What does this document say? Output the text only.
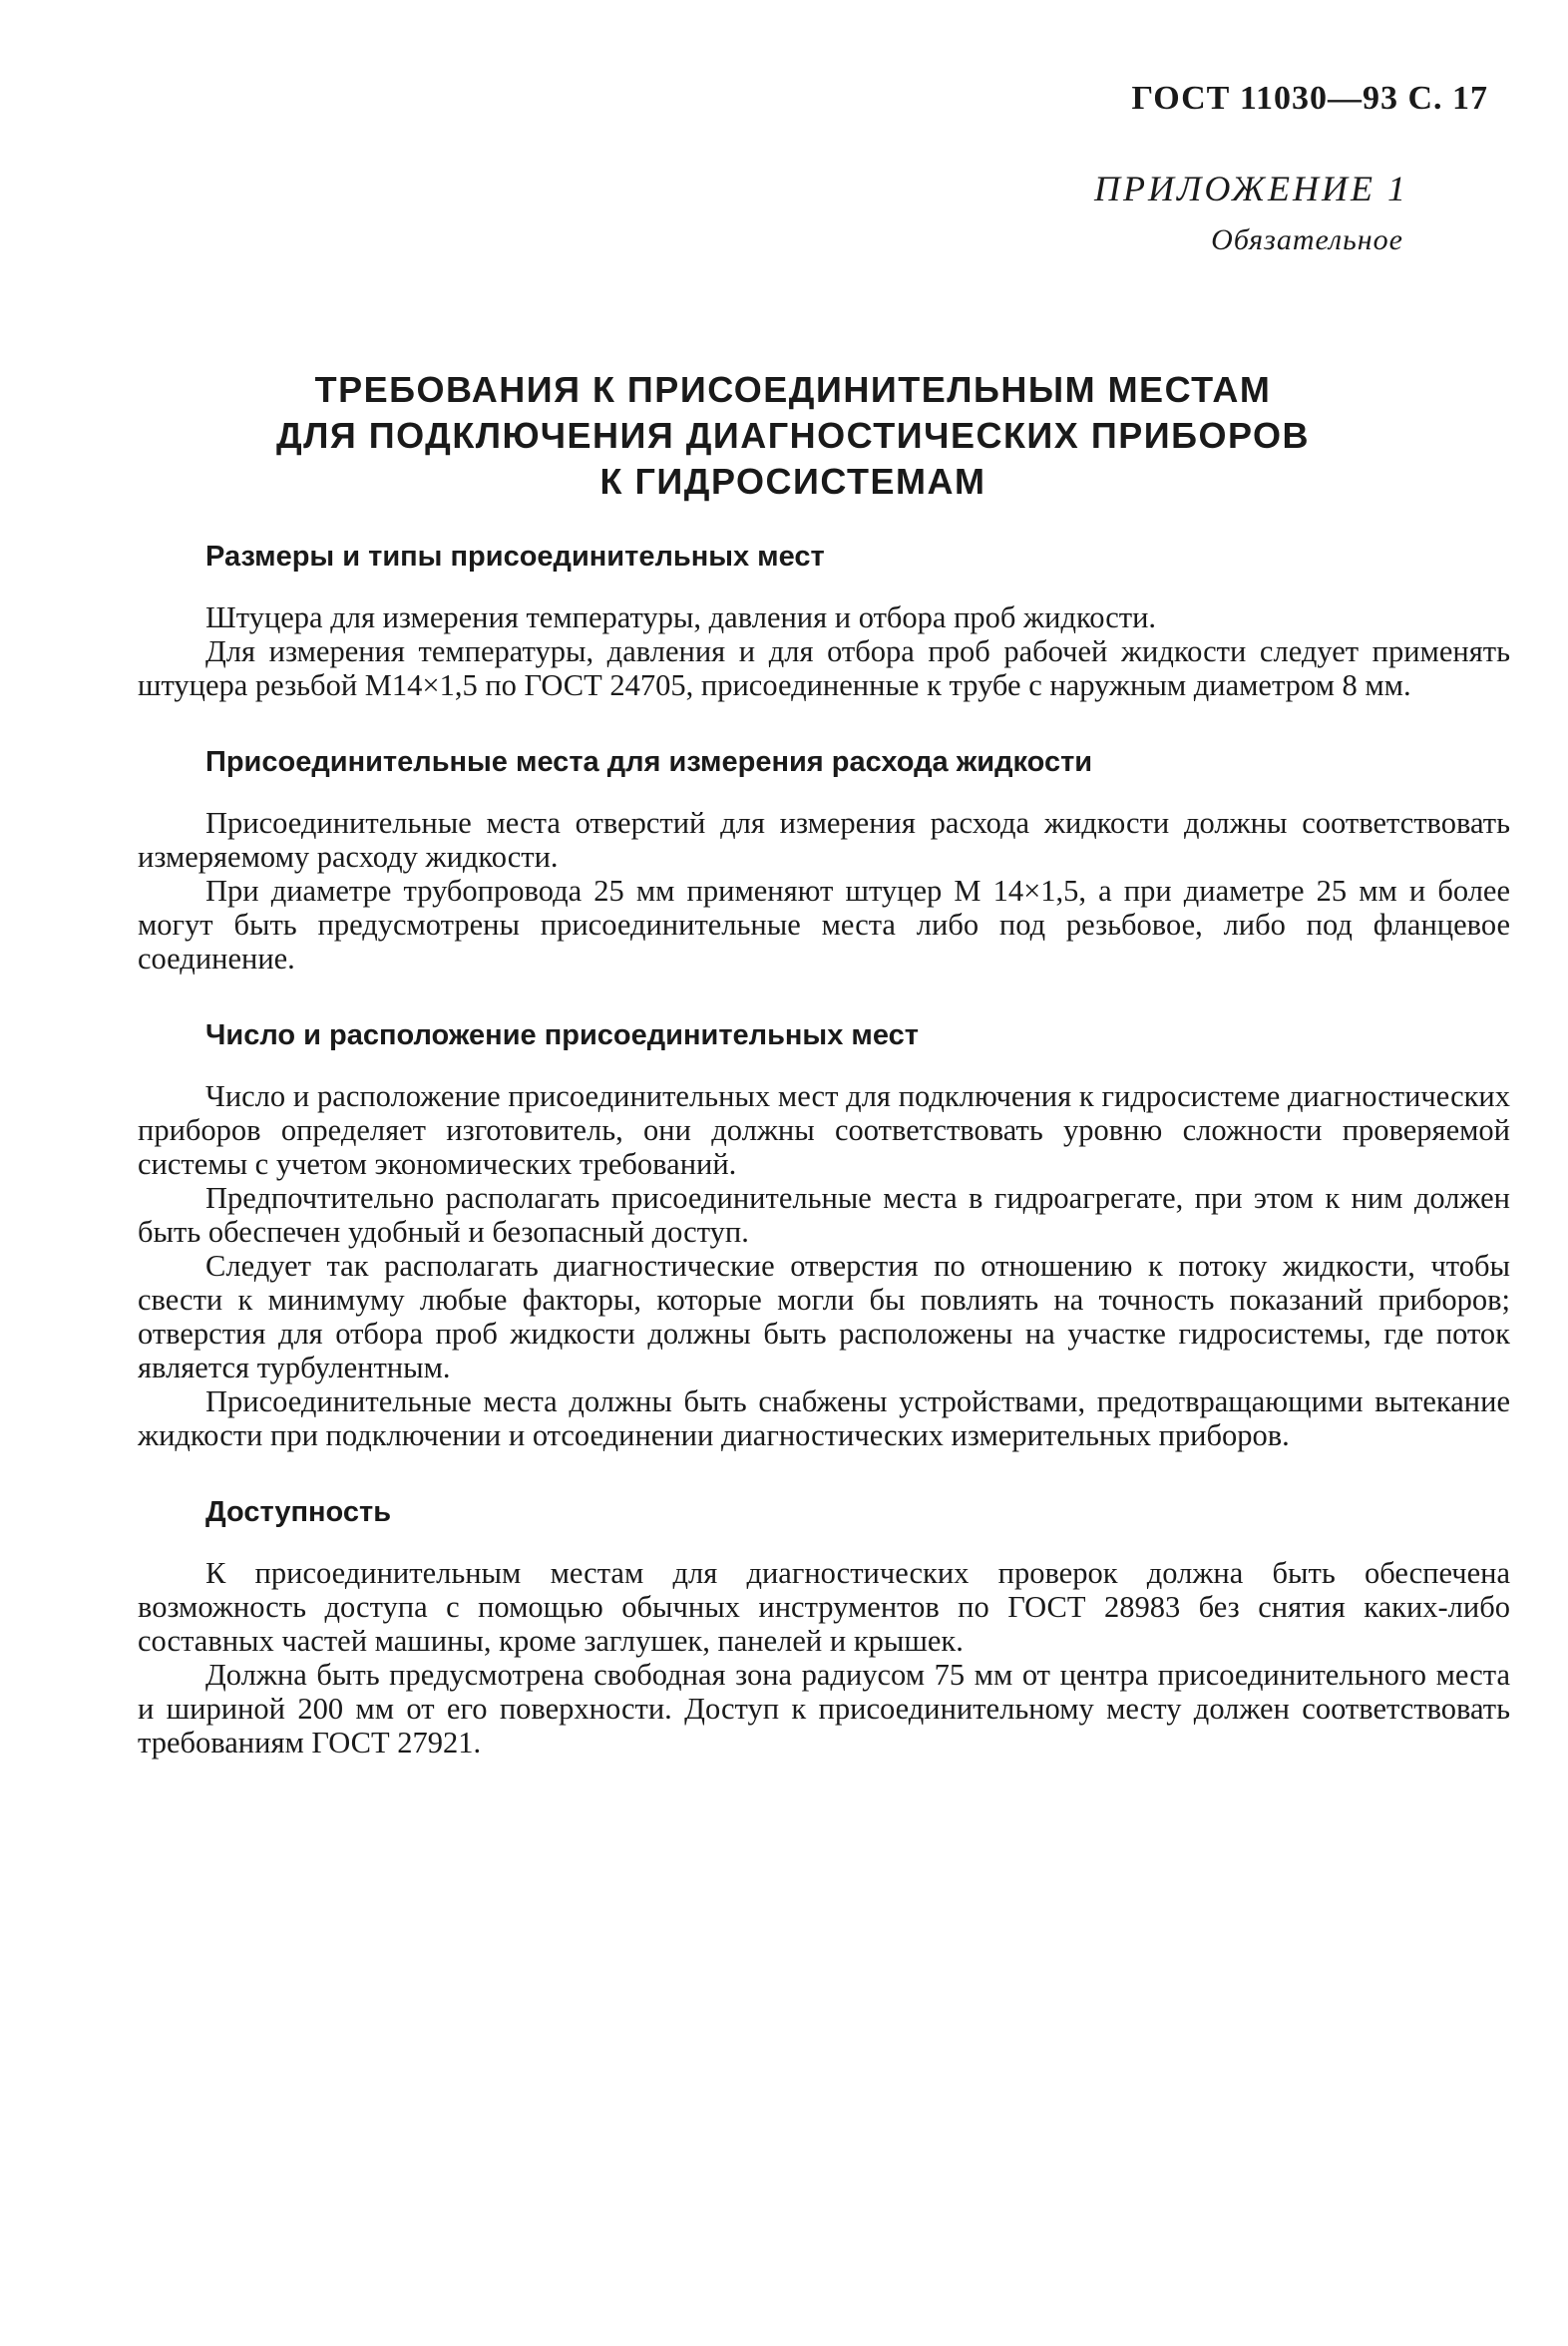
ГОСТ 11030—93 С. 17
ПРИЛОЖЕНИЕ 1
Обязательное
ТРЕБОВАНИЯ К ПРИСОЕДИНИТЕЛЬНЫМ МЕСТАМ
ДЛЯ ПОДКЛЮЧЕНИЯ ДИАГНОСТИЧЕСКИХ ПРИБОРОВ
К ГИДРОСИСТЕМАМ
Размеры и типы присоединительных мест

Штуцера для измерения температуры, давления и отбора проб жидкости.

Для измерения температуры, давления и для отбора проб рабочей жидкости следует применять штуцера резьбой М14×1,5 по ГОСТ 24705, присоединенные к трубе с наружным диаметром 8 мм.

Присоединительные места для измерения расхода жидкости

Присоединительные места отверстий для измерения расхода жидкости должны соответствовать измеряемому расходу жидкости.

При диаметре трубопровода 25 мм применяют штуцер М 14×1,5, а при диаметре 25 мм и более могут быть предусмотрены присоединительные места либо под резьбовое, либо под фланцевое соединение.

Число и расположение присоединительных мест

Число и расположение присоединительных мест для подключения к гидросистеме диагностических приборов определяет изготовитель, они должны соответствовать уровню сложности проверяемой системы с учетом экономических требований.

Предпочтительно располагать присоединительные места в гидроагрегате, при этом к ним должен быть обеспечен удобный и безопасный доступ.

Следует так располагать диагностические отверстия по отношению к потоку жидкости, чтобы свести к минимуму любые факторы, которые могли бы повлиять на точность показаний приборов; отверстия для отбора проб жидкости должны быть расположены на участке гидросистемы, где поток является турбулентным.

Присоединительные места должны быть снабжены устройствами, предотвращающими вытекание жидкости при подключении и отсоединении диагностических измерительных приборов.

Доступность

К присоединительным местам для диагностических проверок должна быть обеспечена возможность доступа с помощью обычных инструментов по ГОСТ 28983 без снятия каких-либо составных частей машины, кроме заглушек, панелей и крышек.

Должна быть предусмотрена свободная зона радиусом 75 мм от центра присоединительного места и шириной 200 мм от его поверхности. Доступ к присоединительному месту должен соответствовать требованиям ГОСТ 27921.
